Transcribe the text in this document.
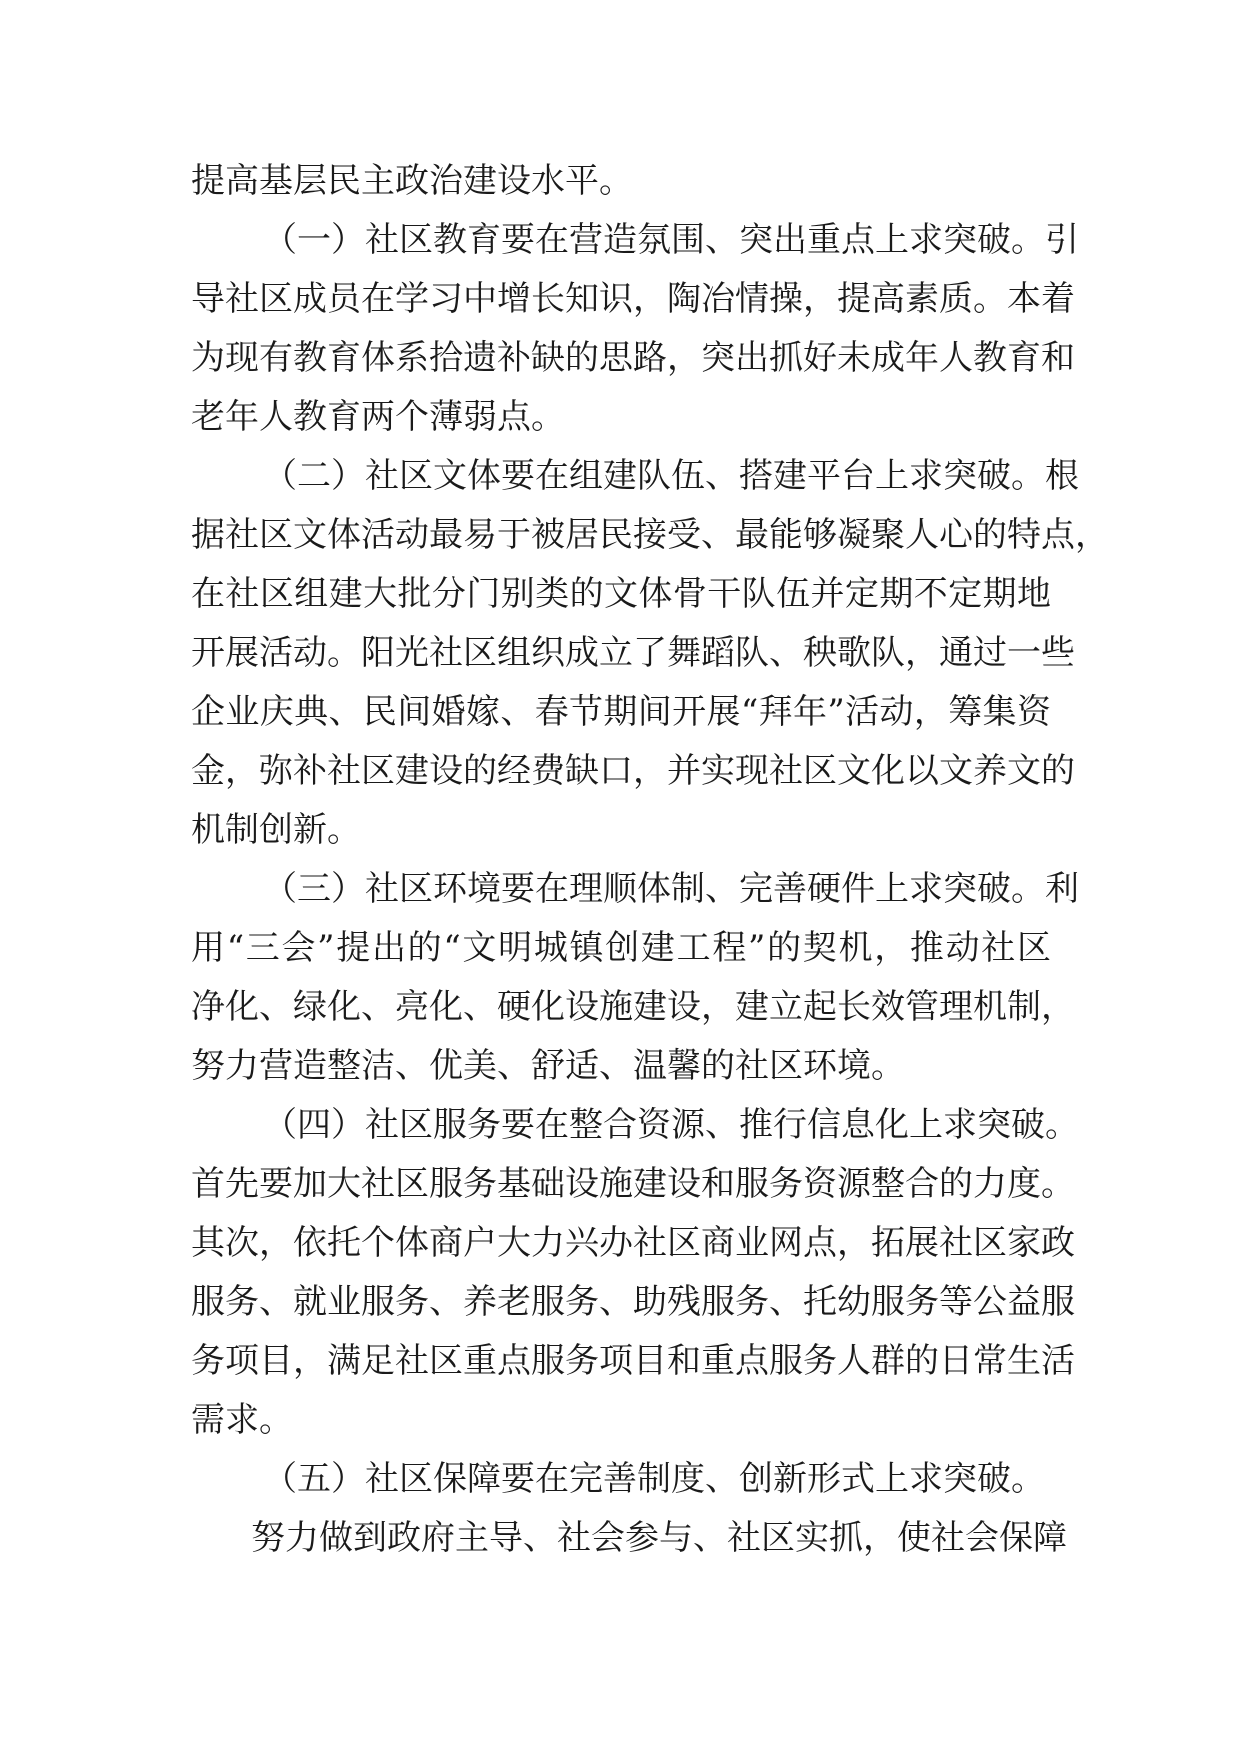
提高基层民主政治建设水平。
（一）社区教育要在营造氛围、突出重点上求突破。引
导社区成员在学习中增长知识，陶冶情操，提高素质。本着
为现有教育体系拾遗补缺的思路，突出抓好未成年人教育和
老年人教育两个薄弱点。
（二）社区文体要在组建队伍、搭建平台上求突破。根
据社区文体活动最易于被居民接受、最能够凝聚人心的特点，
在社区组建大批分门别类的文体骨干队伍并定期不定期地
开展活动。阳光社区组织成立了舞蹈队、秧歌队，通过一些
企业庆典、民间婚嫁、春节期间开展“拜年”活动，筹集资
金，弥补社区建设的经费缺口，并实现社区文化以文养文的
机制创新。
（三）社区环境要在理顺体制、完善硬件上求突破。利
用“三会”提出的“文明城镇创建工程”的契机，推动社区
净化、绿化、亮化、硬化设施建设，建立起长效管理机制，
努力营造整洁、优美、舒适、温馨的社区环境。
（四）社区服务要在整合资源、推行信息化上求突破。
首先要加大社区服务基础设施建设和服务资源整合的力度。
其次，依托个体商户大力兴办社区商业网点，拓展社区家政
服务、就业服务、养老服务、助残服务、托幼服务等公益服
务项目，满足社区重点服务项目和重点服务人群的日常生活
需求。
（五）社区保障要在完善制度、创新形式上求突破。
努力做到政府主导、社会参与、社区实抓，使社会保障
